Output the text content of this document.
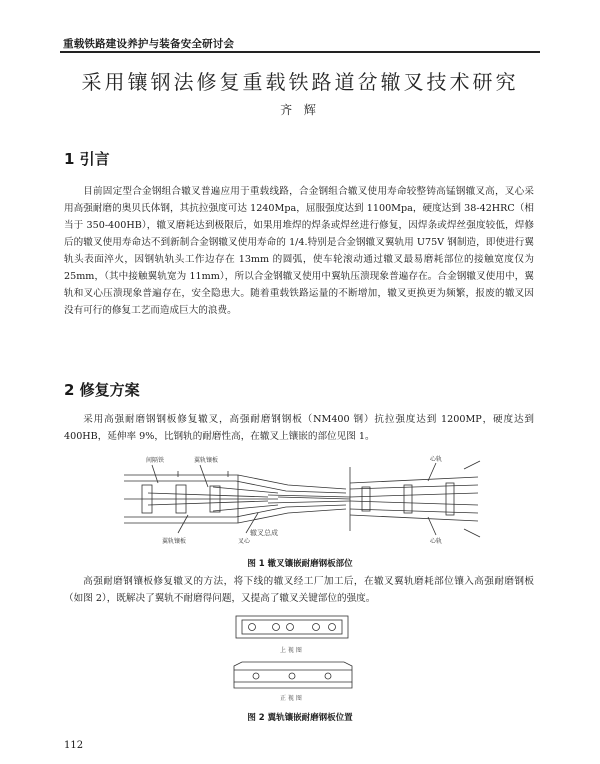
重载铁路建设养护与装备安全研讨会
采用镶钢法修复重载铁路道岔辙叉技术研究
齐 辉
1 引言
目前固定型合金钢组合辙叉普遍应用于重载线路，合金钢组合辙叉使用寿命较整铸高锰钢辙叉高，叉心采用高强耐磨的奥贝氏体钢，其抗拉强度可达 1240Mpa，屈服强度达到 1100Mpa，硬度达到 38-42HRC（相当于 350-400HB），辙叉磨耗达到极限后，如果用堆焊的焊条或焊丝进行修复，因焊条或焊丝强度较低，焊修后的辙叉使用寿命达不到新制合金钢辙叉使用寿命的 1/4.特别是合金钢辙叉翼轨用 U75V 钢制造，即使进行翼轨头表面淬火，因钢轨轨头工作边存在 13mm 的圆弧，使车轮滚动通过辙叉最易磨耗部位的接触宽度仅为 25mm，（其中接触翼轨宽为 11mm），所以合金钢辙叉使用中翼轨压溃现象普遍存在。合金钢辙叉使用中，翼轨和叉心压溃现象普遍存在，安全隐患大。随着重载铁路运量的不断增加，辙叉更换更为频繁，报废的辙叉因没有可行的修复工艺而造成巨大的浪费。
2 修复方案
采用高强耐磨钢钢板修复辙叉，高强耐磨钢钢板（NM400 钢）抗拉强度达到 1200MP，硬度达到 400HB，延伸率 9%，比钢轨的耐磨性高，在辙叉上镶嵌的部位见图 1。
间隔铁	翼轨镶板
翼轨镶板	叉心
心轨
心轨
辙叉总成
图 1 辙叉镶嵌耐磨钢板部位
高强耐磨钢镶板修复辙叉的方法，将下线的辙叉经工厂加工后，在辙叉翼轨磨耗部位镶入高强耐磨钢板（如图 2），既解决了翼轨不耐磨得问题，又提高了辙叉关键部位的强度。
上 视 图
正 视 图
图 2 翼轨镶嵌耐磨钢板位置
112
